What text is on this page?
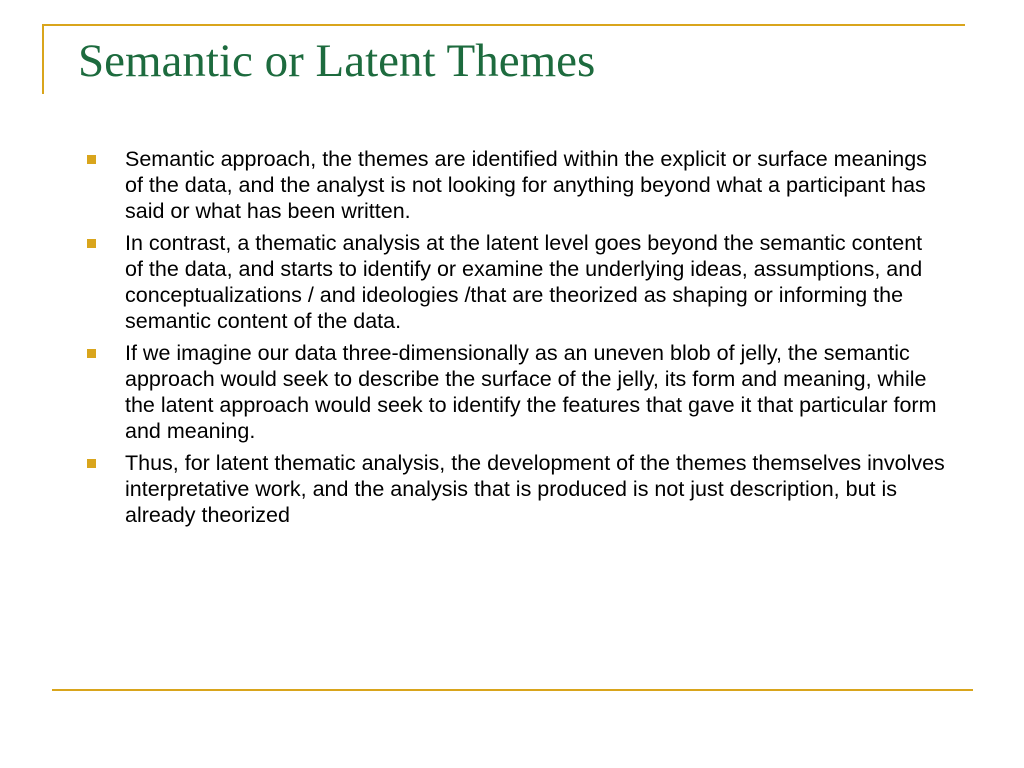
Semantic or Latent Themes
Semantic approach, the themes are identified within the explicit or surface meanings of the data, and the analyst is not looking for anything beyond what a participant has said or what has been written.
In contrast, a thematic analysis at the latent level goes beyond the semantic content of the data, and starts to identify or examine the underlying ideas, assumptions, and conceptualizations / and ideologies /that are theorized as shaping or informing the semantic content of the data.
If we imagine our data three-dimensionally as an uneven blob of jelly, the semantic approach would seek to describe the surface of the jelly, its form and meaning, while the latent approach would seek to identify the features that gave it that particular form and meaning.
Thus, for latent thematic analysis, the development of the themes themselves involves interpretative work, and the analysis that is produced is not just description, but is already theorized
